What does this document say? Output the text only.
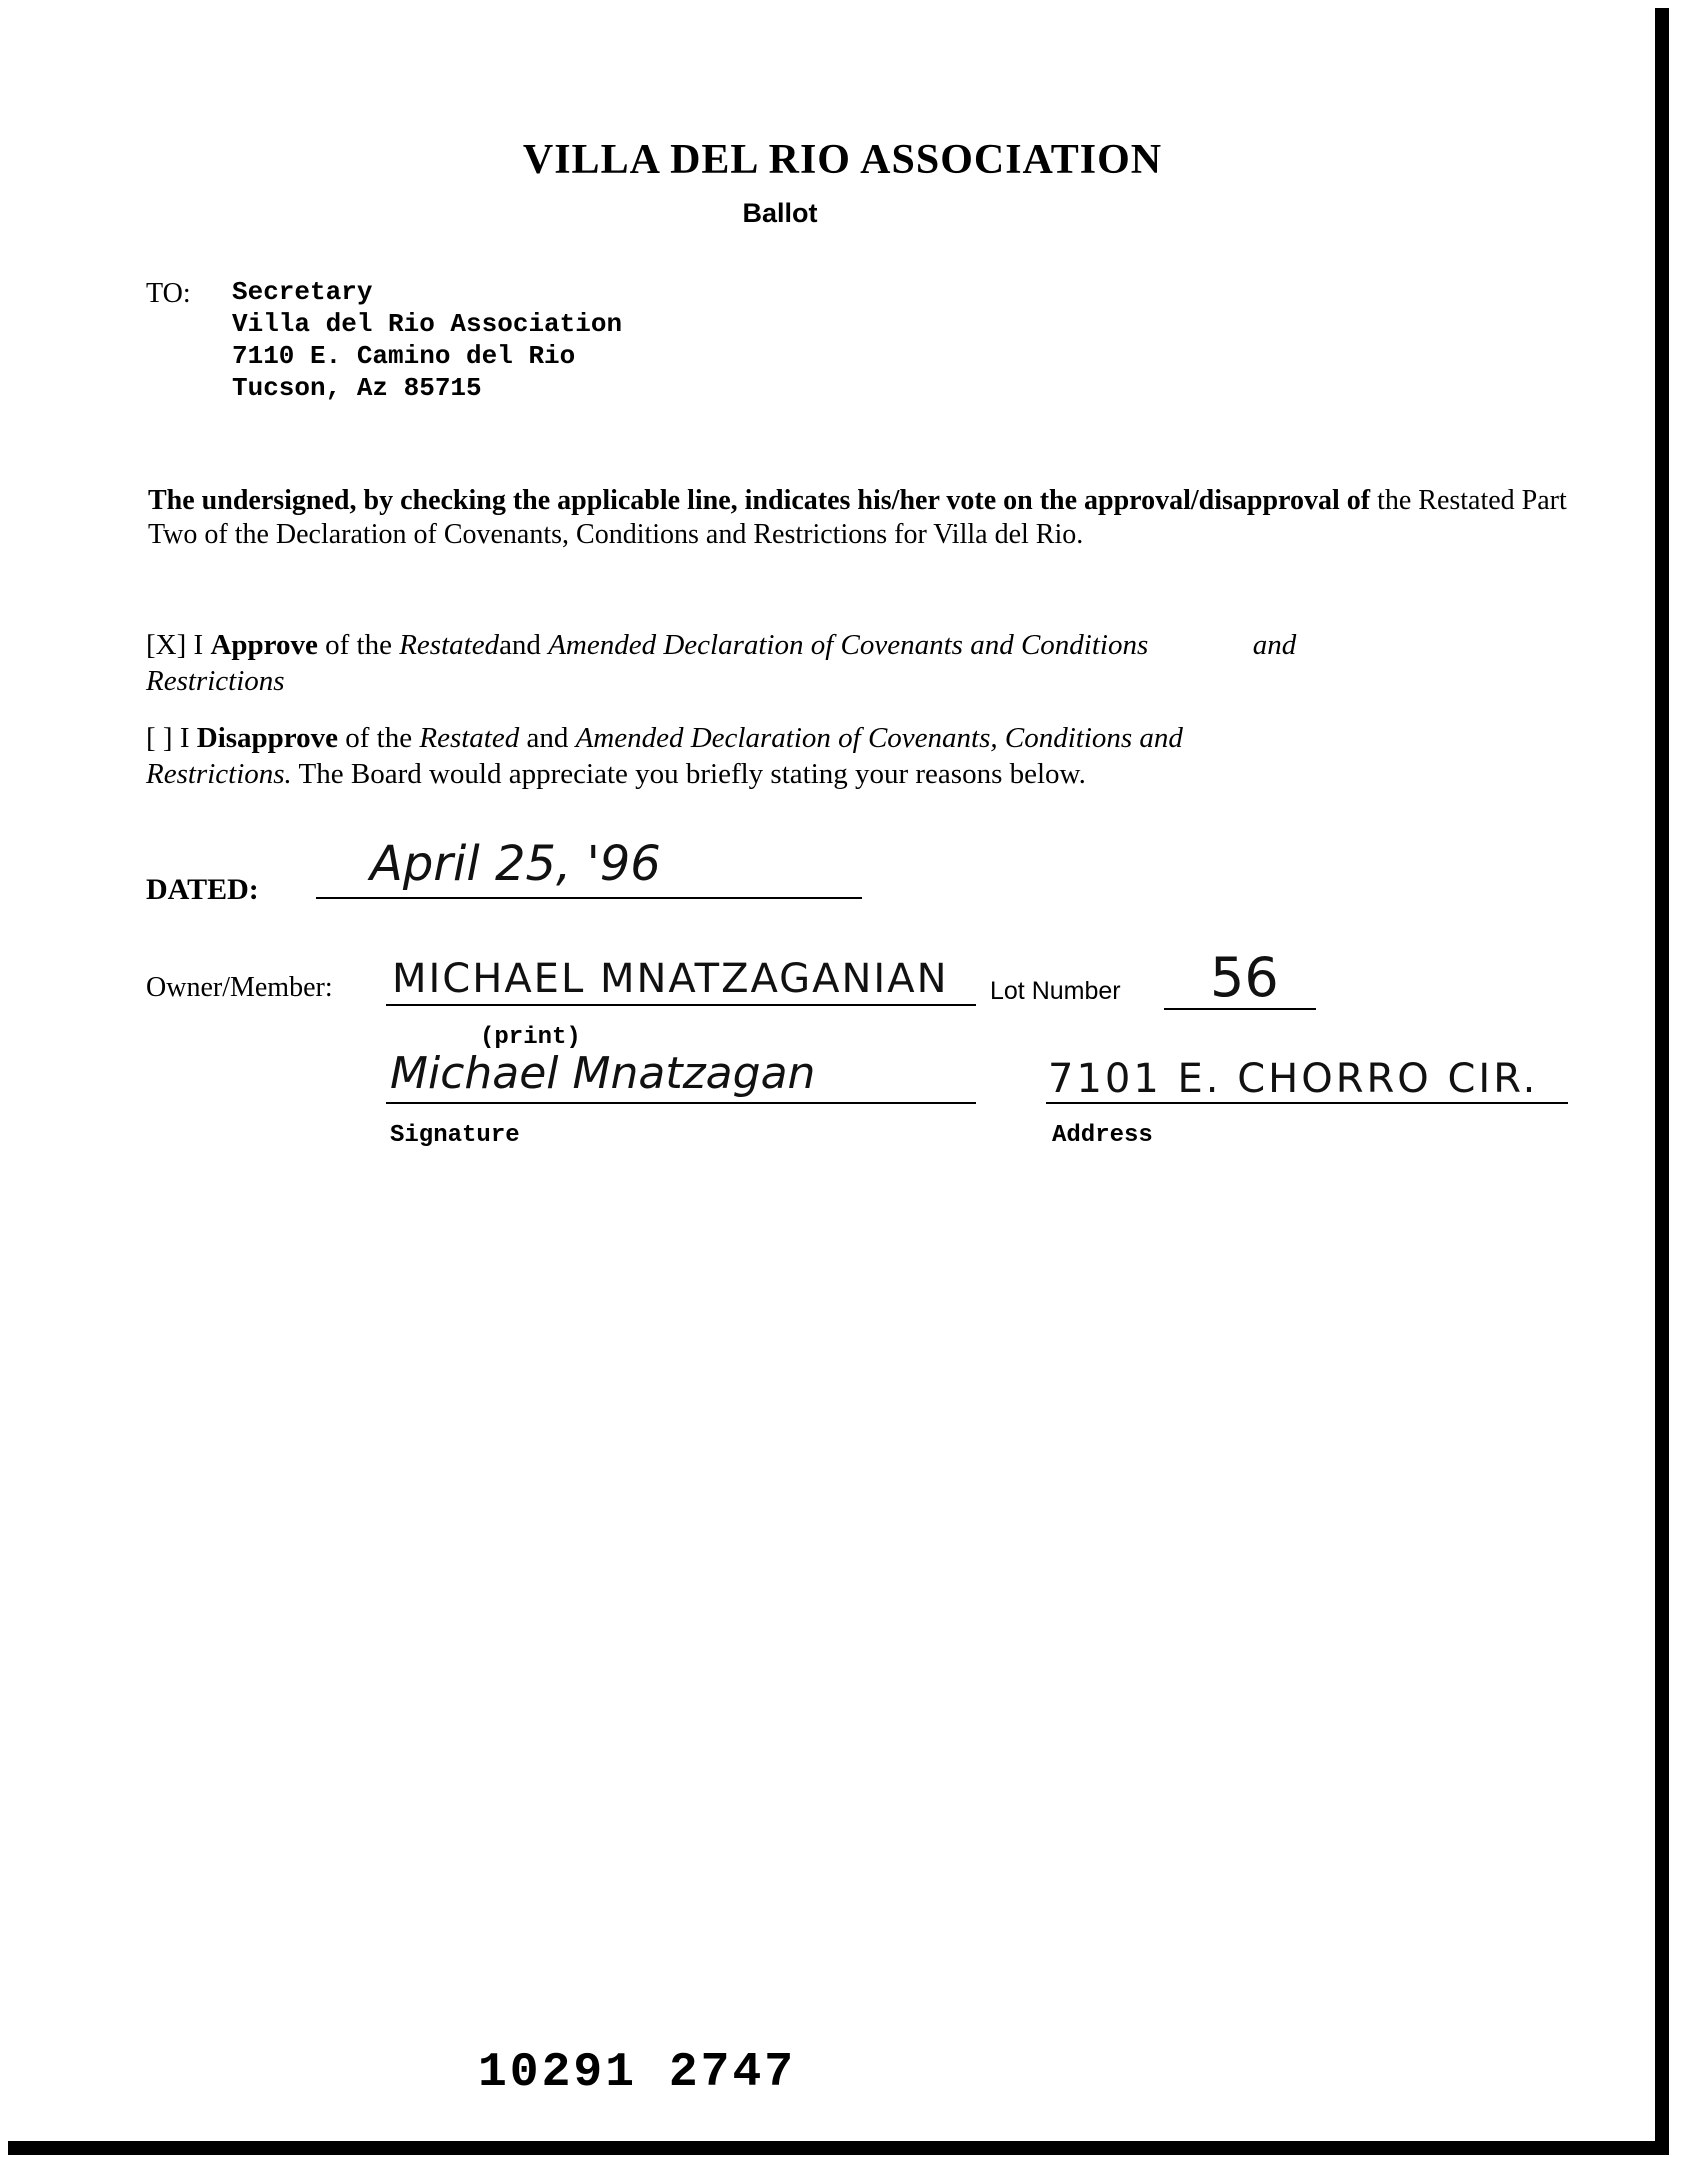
VILLA DEL RIO ASSOCIATION
Ballot
TO: Secretary
Villa del Rio Association
7110 E. Camino del Rio
Tucson, Az 85715
The undersigned, by checking the applicable line, indicates his/her vote on the approval/disapproval of the Restated Part Two of the Declaration of Covenants, Conditions and Restrictions for Villa del Rio.
[X] I Approve of the Restatedand Amended Declaration of Covenants and Conditions	and
Restrictions
[ ] I Disapprove of the Restated and Amended Declaration of Covenants, Conditions and
Restrictions. The Board would appreciate you briefly stating your reasons below.
DATED: April 25, '96
Owner/Member: MICHAEL MNATZAGANIAN
(print)
Lot Number 56
Michael Mnatzagan
Signature
7101 E. CHORRO CIR.
Address
10291 2747
